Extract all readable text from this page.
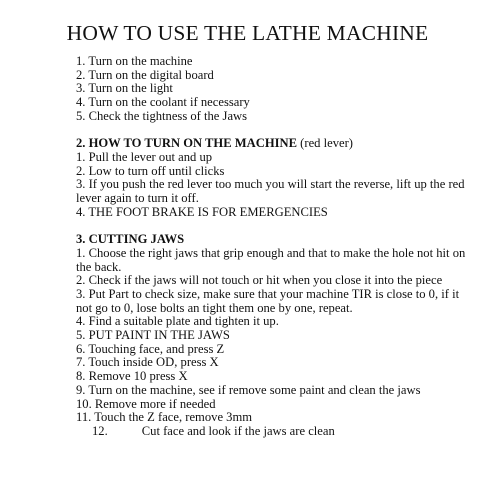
HOW TO USE THE LATHE MACHINE
1. Turn on the machine
2. Turn on the digital board
3. Turn on the light
4. Turn on the coolant if necessary
5. Check the tightness of the Jaws
2. HOW TO TURN ON THE MACHINE (red lever)
1. Pull the lever out and up
2. Low to turn off until clicks
3. If you push the red lever too much you will start the reverse, lift up the red lever again to turn it off.
4. THE FOOT BRAKE IS FOR EMERGENCIES
3. CUTTING JAWS
1. Choose the right jaws that grip enough and that to make the hole not hit on the back.
2. Check if the jaws will not touch or hit when you close it into the piece
3. Put Part to check size, make sure that your machine TIR is close to 0, if it not go to 0, lose bolts an tight them one by one, repeat.
4. Find a suitable plate and tighten it up.
5. PUT PAINT IN THE JAWS
6. Touching face, and press Z
7. Touch inside OD, press X
8. Remove 10 press X
9. Turn on the machine, see if remove some paint and clean the jaws
10. Remove more if needed
11. Touch the Z face, remove 3mm
12.	Cut face and look if the jaws are clean
